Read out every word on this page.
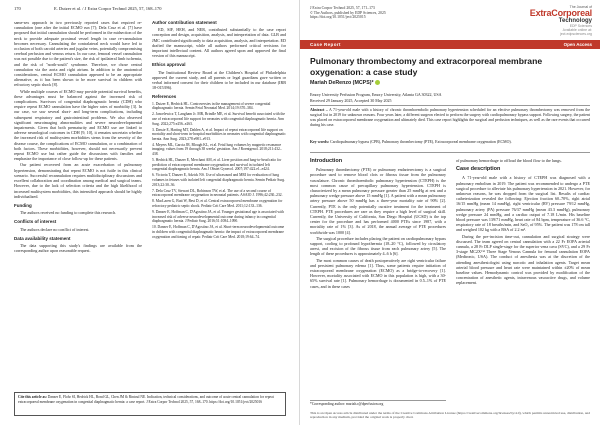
170	E. Dutzer et al. / J Extra Corpor Technol 2025, 57, 168–170

same-sex approach in two previously reported cases that required re-cannulation (one after the initial ECMO run [7]; Dela Cruz et al. [7] have proposed that initial cannulation should be performed in the midsection of the neck to provide adequate proximal vessel length in case re-cannulation becomes necessary. Cannulating the contralateral neck would have led to occlusion of both carotid arteries and jugular veins, potentially compromising cerebral perfusion and venous return. In our case, femoral vessel cannulation was not possible due to the patient's size, the risk of ipsilateral limb ischemia, and the risk of "north-south" syndrome. Therefore, we chose central cannulation via the aorta and right atrium. In addition to the anatomical considerations, central ECMO cannulation appeared to be an appropriate alternative, as it has been shown to be more survival in children with refractory septic shock [8].

While multiple courses of ECMO may provide potential survival benefits, these advantages must be balanced against the increased risk of complications. Survivors of congenital diaphragmatic hernia (CDH) who require repeat ECMO cannulation have the higher rates of morbidity [3]. In our case, we saw several short- and long-term complications, including subsequent respiratory and gastrointestinal problems. We also observed significant neuroimaging abnormalities and severe neurodevelopmental impairments. Given that both prematurity and ECMO use are linked to adverse neurological outcomes in CDH [9, 10], it remains uncertain whether the increased risk of multisystem morbidities stems from the severity of the disease course, the complications of ECMO cannulation, or a combination of both factors. These morbidities, however, should not necessarily prevent repeat ECMO use but rather guide the discussions with families and emphasize the importance of close follow-up for these patients.

Our patient recovered from an acute exacerbation of pulmonary hypertension, demonstrating that repeat ECMO is not futile in this clinical scenario. Successful recannulation requires multidisciplinary discussions and excellent collaboration and coordination among medical and surgical teams. However, due to the lack of selection criteria and the high likelihood of increased multisystem morbidities, this intensified approach should be highly individualized.

Funding

The authors received no funding to complete this research.

Conflicts of interest

The authors declare no conflict of interest.

Data availability statement

The data supporting this study's findings are available from the corresponding author upon reasonable request.

Author contribution statement

ED, SIF, HEH, and NER, contributed substantially to the case report conception and design, acquisition, analysis, and interpretation of data. GLB and JMC contributed significantly to data acquisition, analysis, and interpretation. ED drafted the manuscript, while all authors performed critical revisions for important intellectual content. All authors agreed upon and approved the final version of this manuscript.

Ethics approval

The Institutional Review Board at the Children's Hospital of Philadelphia approved the current study, and all parents or legal guardians gave written or verbal informed consent for their children to be included in our database (IRB 18-015396).

References
1. Dutzer E, Hedrick HL. Controversies in the management of severe congenital diaphragmatic hernia. Semin Fetal Neonatal Med. 2014;19:370–384.
2. Jancelewicz T, Langham Jr. MR, Brindle ME, et al. Survival benefit associated with the use of extracorporeal life support for neonates with congenital diaphragmatic hernia. Ann Surg. 2022;275:e256–e263.
3. Dassie E, Harting MT, Dahlen A, et al. Impact of repeat extracorporeal life support on mortality and short-term in-hospital morbidities in neonates with congenital diaphragmatic hernia. Ann Surg. 2023;278:e901–e913.
4. Meyers ML, Garcia JR, Blough KL, et al. Fetal lung volumes by magnetic resonance imaging; values from 19 through 38 weeks' gestation. Am J Roentgenol. 2018;211:432–438.
5. Hedrick HL, Danzer E, Merchant AM, et al. Liver position and lung-to-head ratio for prediction of extracorporeal membrane oxygenation and survival in isolated left congenital diaphragmatic hernia. Am J Obstet Gynecol. 2007;197:422.e1–e424.
6. Victoria T, Danzer E, Adzick NS. Use of ultrasound and MRI for evaluation of lung volumes in fetuses with isolated left congenital diaphragmatic hernia. Semin Pediatr Surg. 2013;22:30–36.
7. Dela Cruz TV, Stewart DL, Robinson TW, et al. The use of a second course of extracorporeal membrane oxygenation in neonatal patients. ASAIO J. 1996;42:230–232.
8. MacLaren G, Butt W, Best D, et al. Central extracorporeal membrane oxygenation for refractory pediatric septic shock. Pediatr Crit Care Med. 2011;12:133–136.
9. Danzer E, Hoffman C, D'Agostino JA, et al. Younger gestational age is associated with increased risk of adverse neurodevelopmental outcome during infancy in congenital diaphragmatic hernia. J Pediatr Surg. 2016;51:1084–1090.
10. Danzer E, Hoffman C, D'Agostino JA, et al. Short-term neurodevelopmental outcome in children with congenital diaphragmatic hernia: the impact of extracorporeal membrane oxygenation and timing of repair. Pediatr Crit Care Med. 2018;19:64–74.
Cite this article as: Danzer E, Flohr SI, Hedrick HL, Bond GL, Chen JM & Rintoul NE. Indication, technical considerations, and outcome of acute central cannulation for repeat extracorporeal membrane oxygenation in congenital diaphragmatic hernia: a case report. J Extra Corpor Technol 2025, 57, 168–170. https://doi.org/10.1051/ject/2025016
J Extra Corpor Technol 2025, 57, 171–173
© The Authors, published by EDP Sciences, 2025
https://doi.org/10.1051/ject/2025015
The Journal of
ExtraCorporeal
Technology
EDP Sciences
Available online at:
ject.edpsciences.org
Case Report	Open Access
Pulmonary thrombectomy and extracorporeal membrane oxygenation: a case study
Mariah DeRenzo (MCPS)*
Emory University Perfusion Program, Emory University, Atlanta GA 30322, USA
Received 29 January 2025, Accepted 30 May 2025
Abstract – A 71-year-old male with a history of chronic thromboembolic pulmonary hypertension scheduled for an elective pulmonary thrombectomy was removed from the surgical list in 2019 for unknown reasons. Four years later, a different surgeon elected to perform the surgery with cardiopulmonary bypass support. Following surgery, the patient was placed on extracorporeal membrane oxygenation and ultimately died. This case report highlights the surgical and perfusion techniques, as well as the rare events that occurred during his case.
Key words: Cardiopulmonary bypass (CPB), Pulmonary thrombectomy (PTE), Extracorporeal membrane oxygenation (ECMO).
Introduction

Pulmonary thrombectomy (PTE) or pulmonary endarterectomy is a surgical procedure used to remove blood clots or fibrous tissue from the pulmonary vasculature. Chronic thromboembolic pulmonary hypertension (CTEPH) is the most common cause of precapillary pulmonary hypertension. CTEPH is characterized by a mean pulmonary pressure greater than 25 mmHg at rest and a pulmonary wedge pressure above 15 mmHg [1]. A patient with a mean pulmonary artery pressure above 50 mmHg has a three-year mortality rate of 90% [2]. Currently, PTE is the only potentially curative treatment for the treatment of CTEPH. PTE procedures are rare as they require a high level of surgical skill. Currently, the University of California, San Diego Hospital (UCSD) is the top center for the procedure and has performed 4000 PTEs since 1987, with a mortality rate of 1% [3]. As of 2018, the annual average of PTE procedures worldwide was 1000 [4].

The surgical procedure includes placing the patient on cardiopulmonary bypass support, cooling to profound hypothermia (18–20 °C), followed by circulatory arrest, and excision of the fibrous tissue from each pulmonary artery [5]. The length of these procedures is approximately 4–6 h [6].

The most common causes of death postoperatively are right ventricular failure and persistent pulmonary edema [1]. Thus, some patients require initiation of extracorporeal membrane oxygenation (ECMO) as a bridge-to-recovery [1]. However, mortality associated with ECMO in this population is high, with a 30-65% survival rate [1]. Pulmonary hemorrhage is documented in 0.5–1% of PTE cases, and in these cases

of pulmonary hemorrhage to offload the blood flow to the lungs.

Case description

A 71-year-old male with a history of CTEPH was diagnosed with a pulmonary embolism in 2019. The patient was recommended to undergo a PTE surgical procedure to alleviate his pulmonary hypertension in 2021. However, for unknown reasons, he was dropped from the surgical list. Results of cardiac catheterization revealed the following: Ejection fraction 60–70%, right atrial 16/15 mmHg (mean 14 mmHg), right ventricular (RV) pressure 79/12 mmHg, pulmonary artery (PA) pressure 76/37 mmHg (mean 43.3 mmHg), pulmonary wedge pressure 24 mmHg, and a cardiac output of 7.18 L/min. His baseline blood pressure was 139/71 mmHg, heart rate of 84 bpm, temperature of 36.6 °C, respiratory rate of 18 breaths/min, and SaO₂ of 95%. The patient was 178 cm tall and weighed 102 kg with a BSA of 2.2 m².

During the pre-incision time-out, cannulation and surgical strategy were discussed. The team agreed on central cannulation with a 22 Fr EOPA arterial cannula, a 28 Fr DLP single-stage for the superior vena cava (SVC), and a 29 Fr 3-stage MC2X™ Three Stage Venous Cannula for femoral cannulation EOPA (Medtronic, USA). The conduct of anesthesia was at the discretion of the attending anesthesiologist using narcotic and inhalation agents. Target mean arterial blood pressure and heart rate were maintained within ±20% of mean baseline values. Hemodynamic control was provided by modification of the concentration of anesthetic agents, intravenous vasoactive drugs, and volume replacement.

*Corresponding author: mariah.r@dperfusion.org
This is an Open Access article distributed under the terms of the Creative Commons Attribution License (https://creativecommons.org/licenses/by/4.0), which permits unrestricted use, distribution, and reproduction in any medium, provided the original work is properly cited.
